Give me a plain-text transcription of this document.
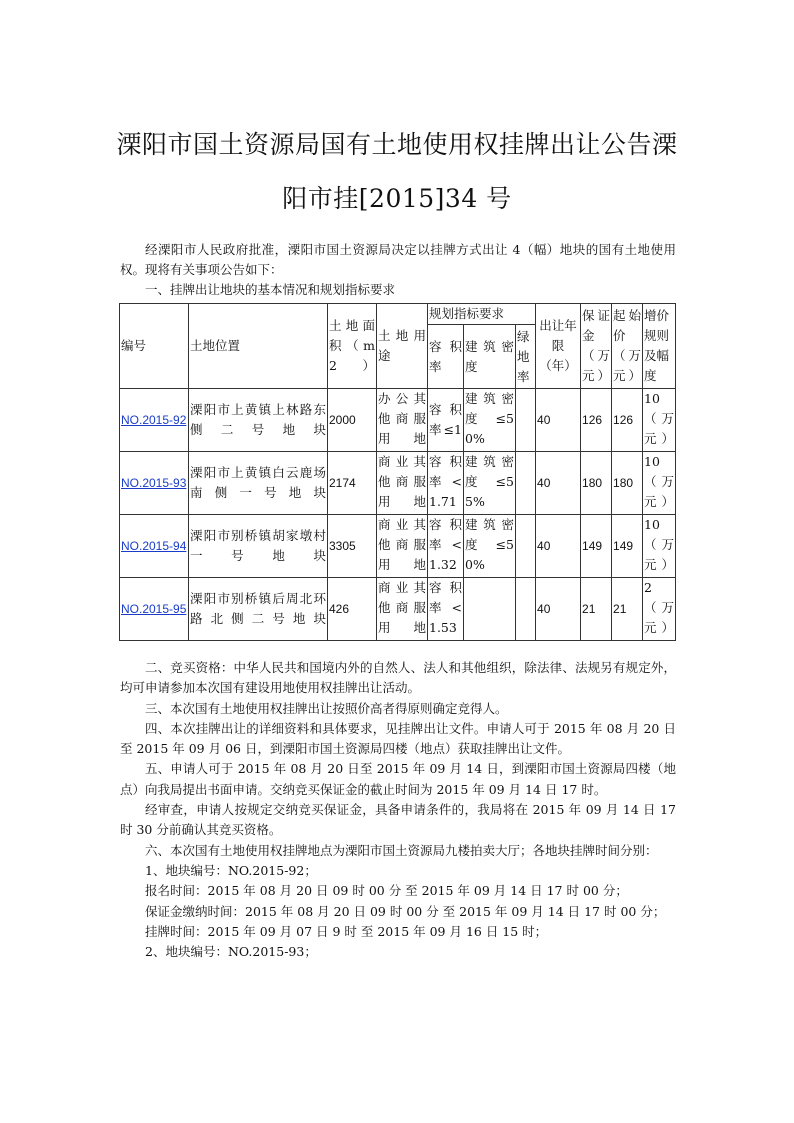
溧阳市国土资源局国有土地使用权挂牌出让公告溧阳市挂[2015]34 号

经溧阳市人民政府批准，溧阳市国土资源局决定以挂牌方式出让 4（幅）地块的国有土地使用权。现将有关事项公告如下：

一、挂牌出让地块的基本情况和规划指标要求

编号	土地位置	土地面积（m2）	土地用途	规划指标要求			出让年限（年）	保证金（万元）	起始价（万元）	增价规则及幅度
				容积率	建筑密度	绿地率				
NO.2015-92	溧阳市上黄镇上林路东侧二号地块	2000	办公其他商服用地	容积率≤1	建筑密度≤50%		40	126	126	10（万元）
NO.2015-93	溧阳市上黄镇白云鹿场南侧一号地块	2174	商业其他商服用地	容积率<1.71	建筑密度≤55%		40	180	180	10（万元）
NO.2015-94	溧阳市别桥镇胡家墩村一号地块	3305	商业其他商服用地	容积率<1.32	建筑密度≤50%		40	149	149	10（万元）
NO.2015-95	溧阳市别桥镇后周北环路北侧二号地块	426	商业其他商服用地	容积率<1.53			40	21	21	2（万元）

二、竞买资格：中华人民共和国境内外的自然人、法人和其他组织，除法律、法规另有规定外，均可申请参加本次国有建设用地使用权挂牌出让活动。

三、本次国有土地使用权挂牌出让按照价高者得原则确定竞得人。

四、本次挂牌出让的详细资料和具体要求，见挂牌出让文件。申请人可于 2015 年 08 月 20 日至 2015 年 09 月 06 日，到溧阳市国土资源局四楼（地点）获取挂牌出让文件。

五、申请人可于 2015 年 08 月 20 日至 2015 年 09 月 14 日，到溧阳市国土资源局四楼（地点）向我局提出书面申请。交纳竞买保证金的截止时间为 2015 年 09 月 14 日 17 时。

经审查，申请人按规定交纳竞买保证金，具备申请条件的，我局将在 2015 年 09 月 14 日 17 时 30 分前确认其竞买资格。

六、本次国有土地使用权挂牌地点为溧阳市国土资源局九楼拍卖大厅；各地块挂牌时间分别：

1、地块编号：NO.2015-92；

报名时间：2015 年 08 月 20 日 09 时 00 分 至 2015 年 09 月 14 日 17 时 00 分；

保证金缴纳时间：2015 年 08 月 20 日 09 时 00 分 至 2015 年 09 月 14 日 17 时 00 分；

挂牌时间：2015 年 09 月 07 日 9 时 至 2015 年 09 月 16 日 15 时；

2、地块编号：NO.2015-93；
